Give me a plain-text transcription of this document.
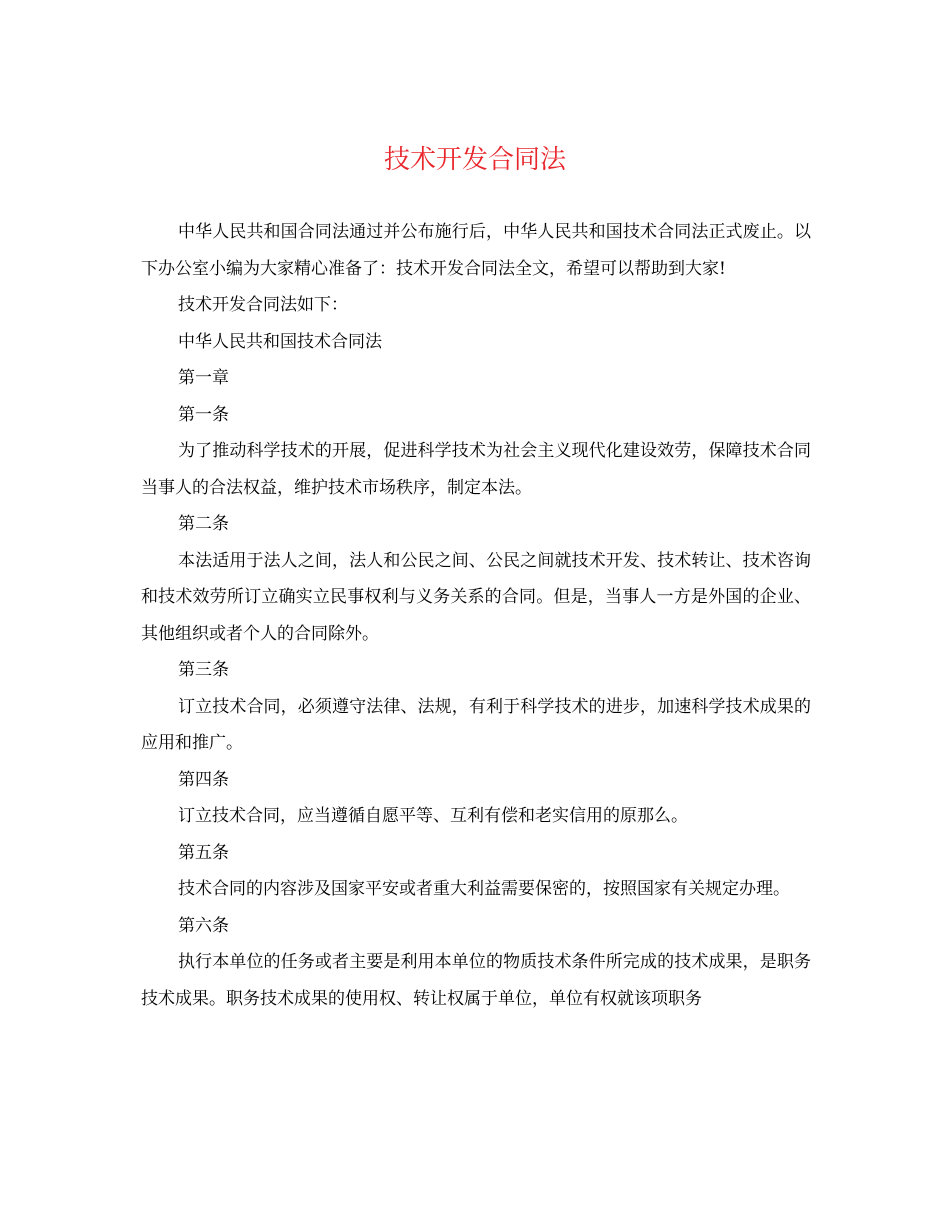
技术开发合同法

中华人民共和国合同法通过并公布施行后，中华人民共和国技术合同法正式废止。以下办公室小编为大家精心准备了：技术开发合同法全文，希望可以帮助到大家!

技术开发合同法如下：

中华人民共和国技术合同法

第一章

第一条

为了推动科学技术的开展，促进科学技术为社会主义现代化建设效劳，保障技术合同当事人的合法权益，维护技术市场秩序，制定本法。

第二条

本法适用于法人之间，法人和公民之间、公民之间就技术开发、技术转让、技术咨询和技术效劳所订立确实立民事权利与义务关系的合同。但是，当事人一方是外国的企业、其他组织或者个人的合同除外。

第三条

订立技术合同，必须遵守法律、法规，有利于科学技术的进步，加速科学技术成果的应用和推广。

第四条

订立技术合同，应当遵循自愿平等、互利有偿和老实信用的原那么。

第五条

技术合同的内容涉及国家平安或者重大利益需要保密的，按照国家有关规定办理。

第六条

执行本单位的任务或者主要是利用本单位的物质技术条件所完成的技术成果，是职务技术成果。职务技术成果的使用权、转让权属于单位，单位有权就该项职务
